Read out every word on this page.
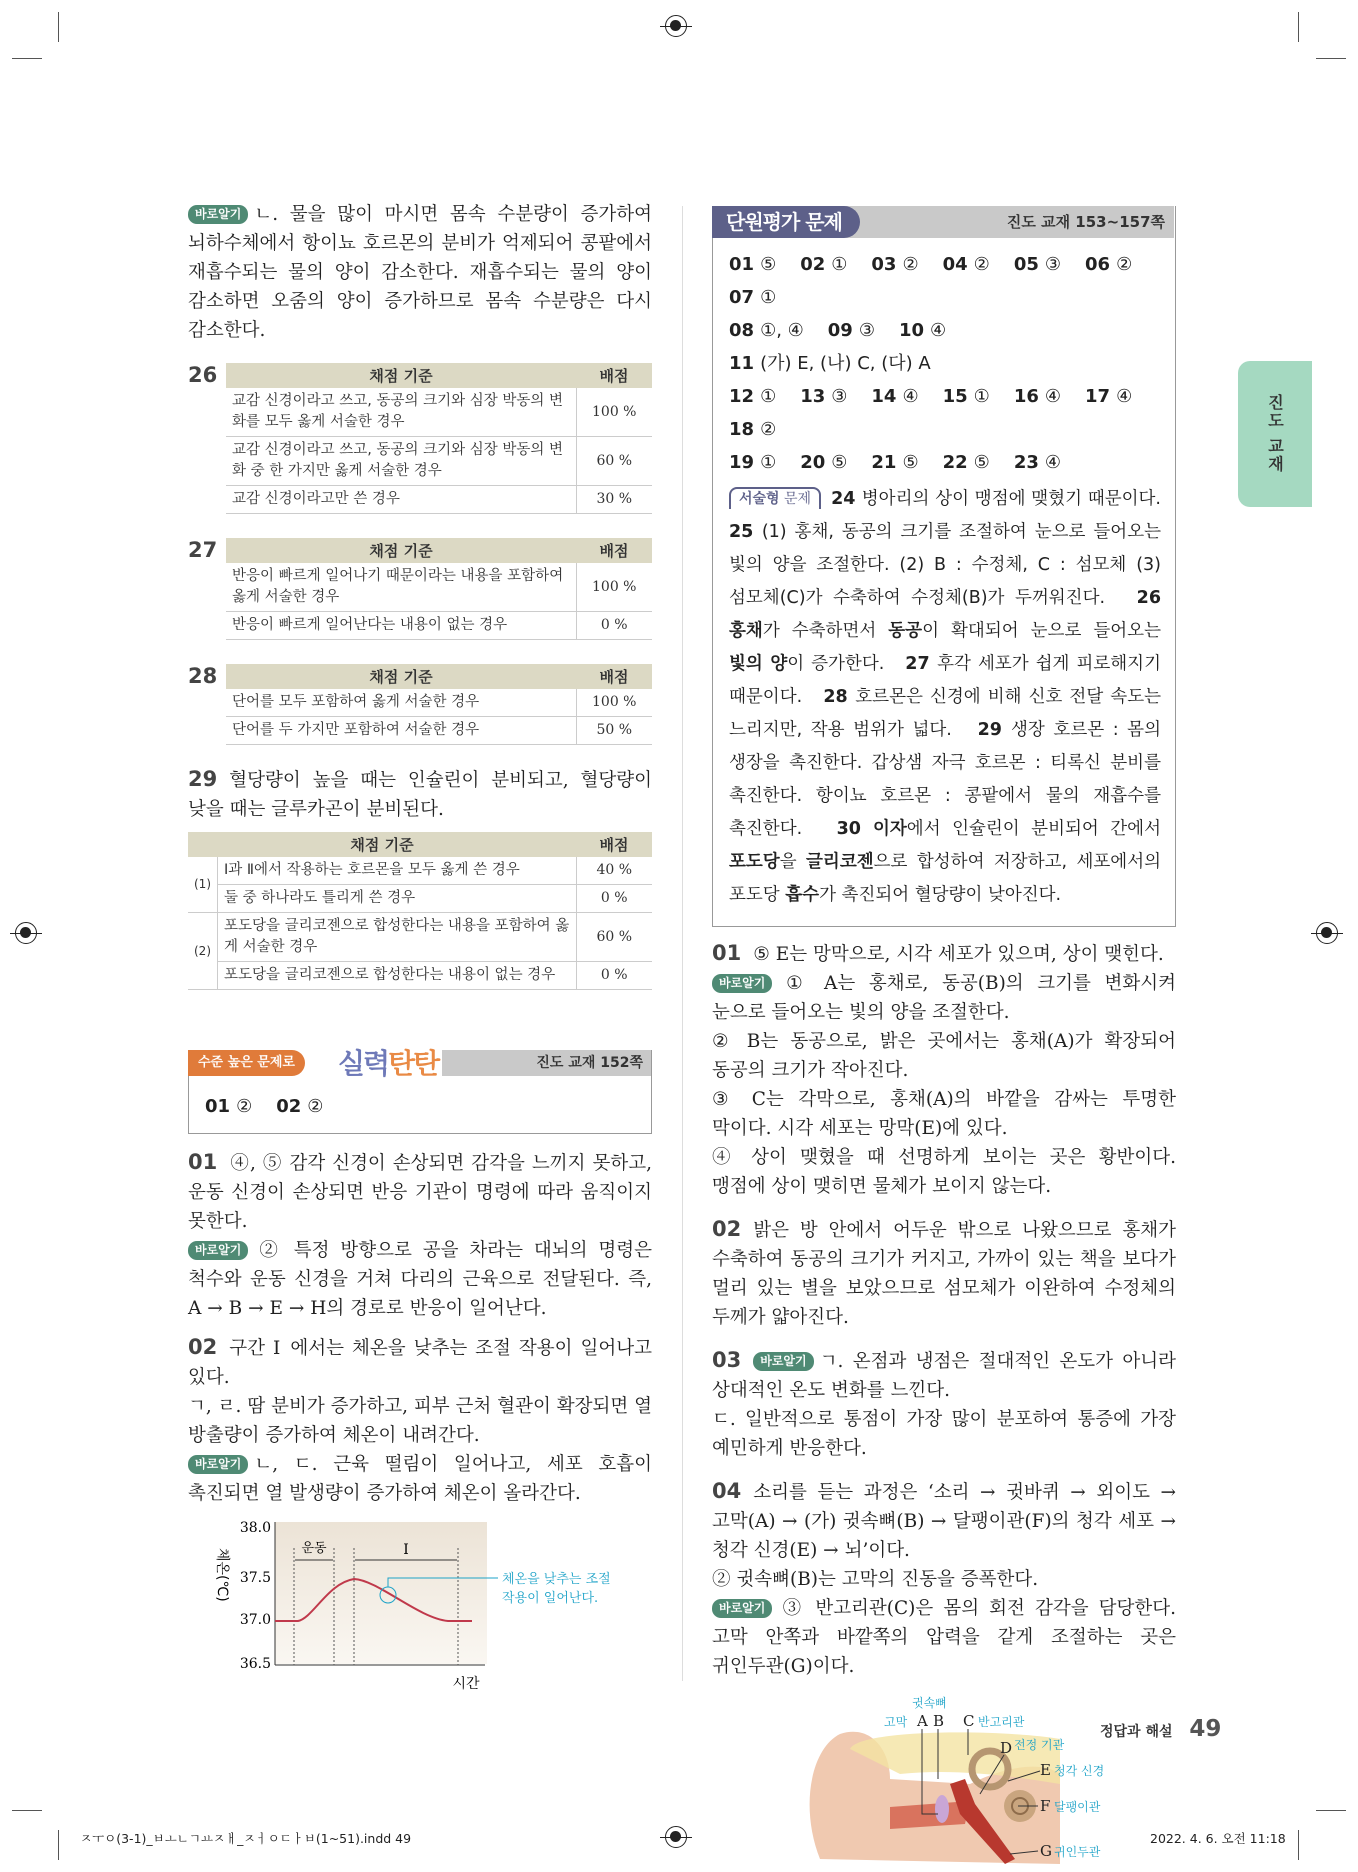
바로알기 ㄴ. 물을 많이 마시면 몸속 수분량이 증가하여 뇌하수체에서 항이뇨 호르몬의 분비가 억제되어 콩팥에서 재흡수되는 물의 양이 감소한다. 재흡수되는 물의 양이 감소하면 오줌의 양이 증가하므로 몸속 수분량은 다시 감소한다.
26	채점 기준	배점
교감 신경이라고 쓰고, 동공의 크기와 심장 박동의 변화를 모두 옳게 서술한 경우	100 %
교감 신경이라고 쓰고, 동공의 크기와 심장 박동의 변화 중 한 가지만 옳게 서술한 경우	60 %
교감 신경이라고만 쓴 경우	30 %
27	채점 기준	배점
반응이 빠르게 일어나기 때문이라는 내용을 포함하여 옳게 서술한 경우	100 %
반응이 빠르게 일어난다는 내용이 없는 경우	0 %
28	채점 기준	배점
단어를 모두 포함하여 옳게 서술한 경우	100 %
단어를 두 가지만 포함하여 서술한 경우	50 %
29 혈당량이 높을 때는 인슐린이 분비되고, 혈당량이 낮을 때는 글루카곤이 분비된다.
채점 기준		배점
(1)	Ⅰ과 Ⅱ에서 작용하는 호르몬을 모두 옳게 쓴 경우	40 %
	둘 중 하나라도 틀리게 쓴 경우	0 %
(2)	포도당을 글리코젠으로 합성한다는 내용을 포함하여 옳게 서술한 경우	60 %
	포도당을 글리코젠으로 합성한다는 내용이 없는 경우	0 %
진도 교재 152쪽
수준 높은 문제로	실력탄탄
01 ② 02 ②
01 ④, ⑤ 감각 신경이 손상되면 감각을 느끼지 못하고, 운동 신경이 손상되면 반응 기관이 명령에 따라 움직이지 못한다.
바로알기 ② 특정 방향으로 공을 차라는 대뇌의 명령은 척수와 운동 신경을 거쳐 다리의 근육으로 전달된다. 즉, A → B → E → H의 경로로 반응이 일어난다.
02 구간 Ⅰ 에서는 체온을 낮추는 조절 작용이 일어나고 있다.
ㄱ, ㄹ. 땀 분비가 증가하고, 피부 근처 혈관이 확장되면 열 방출량이 증가하여 체온이 내려간다.
바로알기 ㄴ, ㄷ. 근육 떨림이 일어나고, 세포 호흡이 촉진되면 열 발생량이 증가하여 체온이 올라간다.
38.0
37.5
37.0
36.5
체온(℃)	운동	Ⅰ
시간
체온을 낮추는 조절
작용이 일어난다.
진도 교재 153~157쪽
단원평가 문제
01 ⑤ 02 ① 03 ② 04 ② 05 ③ 06 ②
07 ①
08 ①, ④ 09 ③ 10 ④
11 (가) E, (나) C, (다) A
12 ① 13 ③ 14 ④ 15 ① 16 ④ 17 ④
18 ②
19 ① 20 ⑤ 21 ⑤ 22 ⑤ 23 ④
서술형 문제 24 병아리의 상이 맹점에 맺혔기 때문이다.   25 (1) 홍채, 동공의 크기를 조절하여 눈으로 들어오는 빛의 양을 조절한다. (2) B : 수정체, C : 섬모체 (3) 섬모체(C)가 수축하여 수정체(B)가 두꺼워진다.   26 홍채가 수축하면서 동공이 확대되어 눈으로 들어오는 빛의 양이 증가한다.   27 후각 세포가 쉽게 피로해지기 때문이다.   28 호르몬은 신경에 비해 신호 전달 속도는 느리지만, 작용 범위가 넓다.   29 생장 호르몬 : 몸의 생장을 촉진한다. 갑상샘 자극 호르몬 : 티록신 분비를 촉진한다. 항이뇨 호르몬 : 콩팥에서 물의 재흡수를 촉진한다.   30 이자에서 인슐린이 분비되어 간에서 포도당을 글리코젠으로 합성하여 저장하고, 세포에서의 포도당 흡수가 촉진되어 혈당량이 낮아진다.
01 ⑤ E는 망막으로, 시각 세포가 있으며, 상이 맺힌다.
바로알기 ① A는 홍채로, 동공(B)의 크기를 변화시켜 눈으로 들어오는 빛의 양을 조절한다.
② B는 동공으로, 밝은 곳에서는 홍채(A)가 확장되어 동공의 크기가 작아진다.
③ C는 각막으로, 홍채(A)의 바깥을 감싸는 투명한 막이다. 시각 세포는 망막(E)에 있다.
④ 상이 맺혔을 때 선명하게 보이는 곳은 황반이다. 맹점에 상이 맺히면 물체가 보이지 않는다.
02 밝은 방 안에서 어두운 밖으로 나왔으므로 홍채가 수축하여 동공의 크기가 커지고, 가까이 있는 책을 보다가 멀리 있는 별을 보았으므로 섬모체가 이완하여 수정체의 두께가 얇아진다.
03 바로알기 ㄱ. 온점과 냉점은 절대적인 온도가 아니라 상대적인 온도 변화를 느낀다.
ㄷ. 일반적으로 통점이 가장 많이 분포하여 통증에 가장 예민하게 반응한다.
04 소리를 듣는 과정은 ‘소리 → 귓바퀴 → 외이도 → 고막(A) → (가) 귓속뼈(B) → 달팽이관(F)의 청각 세포 → 청각 신경(E) → 뇌’이다.
② 귓속뼈(B)는 고막의 진동을 증폭한다.
바로알기 ③ 반고리관(C)은 몸의 회전 감각을 담당한다. 고막 안쪽과 바깥쪽의 압력을 같게 조절하는 곳은 귀인두관(G)이다.
A B C
D
E
F
G
귓속뼈
고막	반고리관
전정 기관
청각 신경
달팽이관
귀인두관
진도 교재
정답과 해설 49
ㅈㅜㅇ(3-1)_ㅂㅗㄴㄱㅛㅈㅐ_ㅈㅓㅇㄷㅏㅂ(1~51).indd 49	2022. 4. 6. 오전 11:18
